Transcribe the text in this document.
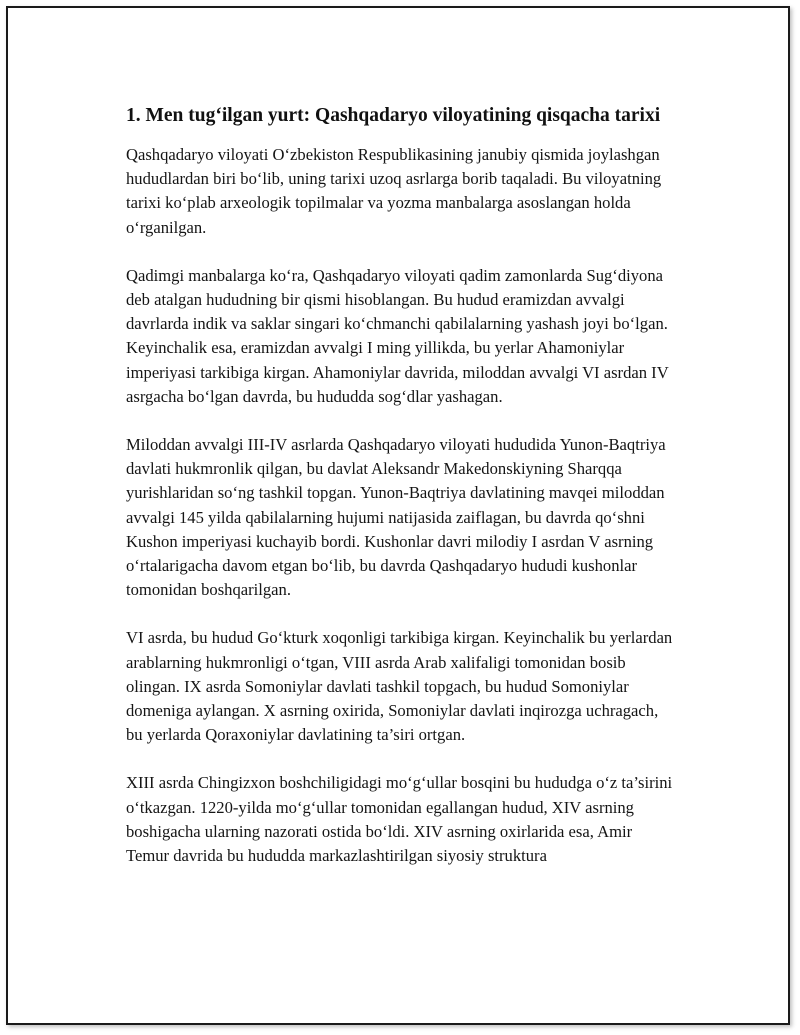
1. Men tug‘ilgan yurt: Qashqadaryo viloyatining qisqacha tarixi

Qashqadaryo viloyati O‘zbekiston Respublikasining janubiy qismida joylashgan hududlardan biri bo‘lib, uning tarixi uzoq asrlarga borib taqaladi. Bu viloyatning tarixi ko‘plab arxeologik topilmalar va yozma manbalarga asoslangan holda o‘rganilgan.

Qadimgi manbalarga ko‘ra, Qashqadaryo viloyati qadim zamonlarda Sug‘diyona deb atalgan hududning bir qismi hisoblangan. Bu hudud eramizdan avvalgi davrlarda indik va saklar singari ko‘chmanchi qabilalarning yashash joyi bo‘lgan. Keyinchalik esa, eramizdan avvalgi I ming yillikda, bu yerlar Ahamoniylar imperiyasi tarkibiga kirgan. Ahamoniylar davrida, miloddan avvalgi VI asrdan IV asrgacha bo‘lgan davrda, bu hududda sog‘dlar yashagan.

Miloddan avvalgi III-IV asrlarda Qashqadaryo viloyati hududida Yunon-Baqtriya davlati hukmronlik qilgan, bu davlat Aleksandr Makedonskiyning Sharqqa yurishlaridan so‘ng tashkil topgan. Yunon-Baqtriya davlatining mavqei miloddan avvalgi 145 yilda qabilalarning hujumi natijasida zaiflagan, bu davrda qo‘shni Kushon imperiyasi kuchayib bordi. Kushonlar davri milodiy I asrdan V asrning o‘rtalarigacha davom etgan bo‘lib, bu davrda Qashqadaryo hududi kushonlar tomonidan boshqarilgan.

VI asrda, bu hudud Go‘kturk xoqonligi tarkibiga kirgan. Keyinchalik bu yerlardan arablarning hukmronligi o‘tgan, VIII asrda Arab xalifaligi tomonidan bosib olingan. IX asrda Somoniylar davlati tashkil topgach, bu hudud Somoniylar domeniga aylangan. X asrning oxirida, Somoniylar davlati inqirozga uchragach, bu yerlarda Qoraxoniylar davlatining ta’siri ortgan.

XIII asrda Chingizxon boshchiligidagi mo‘g‘ullar bosqini bu hududga o‘z ta’sirini o‘tkazgan. 1220-yilda mo‘g‘ullar tomonidan egallangan hudud, XIV asrning boshigacha ularning nazorati ostida bo‘ldi. XIV asrning oxirlarida esa, Amir Temur davrida bu hududda markazlashtirilgan siyosiy struktura
